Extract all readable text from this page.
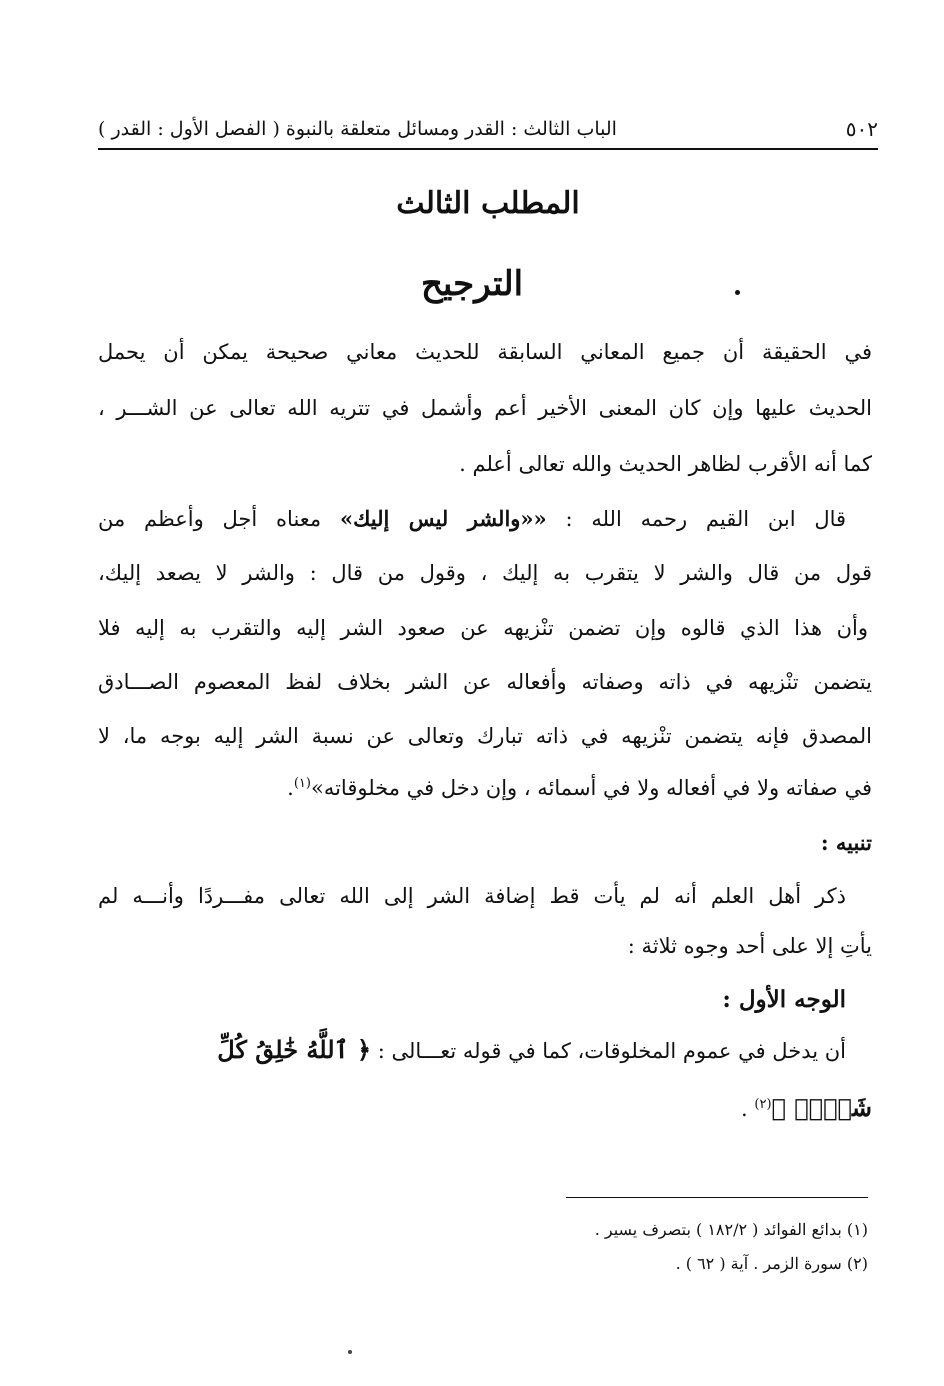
الباب الثالث : القدر ومسائل متعلقة بالنبوة ( الفصل الأول : القدر )	٥٠٢
المطلب الثالث
الترجيح
في الحقيقة أن جميع المعاني السابقة للحديث معاني صحيحة يمكن أن يحمل
الحديث عليها وإن كان المعنى الأخير أعم وأشمل في تتريه الله تعالى عن الشـــر ،
كما أنه الأقرب لظاهر الحديث والله تعالى أعلم .
قال ابن القيم رحمه الله : ««والشر ليس إليك» معناه أجل وأعظم من
قول من قال والشر لا يتقرب به إليك ، وقول من قال : والشر لا يصعد إليك،
وأن هذا الذي قالوه وإن تضمن تنْزيهه عن صعود الشر إليه والتقرب به إليه فلا
يتضمن تنْزيهه في ذاته وصفاته وأفعاله عن الشر بخلاف لفظ المعصوم الصـــادق
المصدق فإنه يتضمن تنْزيهه في ذاته تبارك وتعالى عن نسبة الشر إليه بوجه ما، لا
في صفاته ولا في أفعاله ولا في أسمائه ، وإن دخل في مخلوقاته»$^{(١)}$.
تنبيه :
ذكر أهل العلم أنه لم يأت قط إضافة الشر إلى الله تعالى مفـــردًا وأنـــه لم
يأتِ إلا على أحد وجوه ثلاثة :
الوجه الأول :
أن يدخل في عموم المخلوقات، كما في قوله تعـــالى : ﴿ ٱللَّهُ خَٰلِقُ كُلِّ
شَيۡءٖ ﴾$^{(٢)}$ .
(١) بدائع الفوائد ( ١٨٢/٢ ) بتصرف يسير .
(٢) سورة الزمر . آية ( ٦٢ ) .
